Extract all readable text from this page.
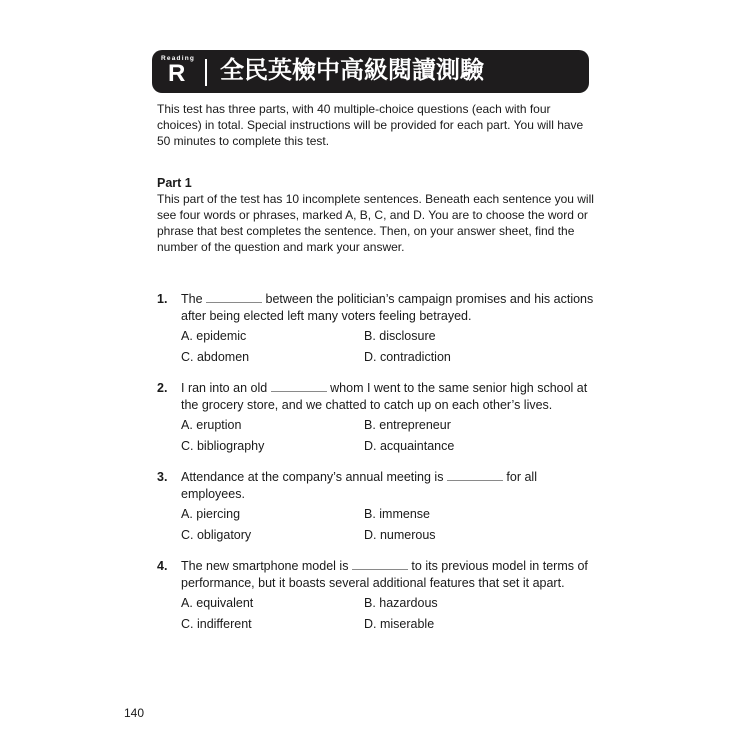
Reading
R 全民英檢中高級閱讀測驗

This test has three parts, with 40 multiple-choice questions (each with four choices) in total. Special instructions will be provided for each part. You will have 50 minutes to complete this test.

Part 1

This part of the test has 10 incomplete sentences. Beneath each sentence you will see four words or phrases, marked A, B, C, and D. You are to choose the word or phrase that best completes the sentence. Then, on your answer sheet, find the number of the question and mark your answer.

1. The	between the politician’s campaign promises and his actions after being elected left many voters feeling betrayed.
A. epidemic	B. disclosure
C. abdomen	D. contradiction
2. I ran into an old	whom I went to the same senior high school at the grocery store, and we chatted to catch up on each other’s lives.
A. eruption	B. entrepreneur
C. bibliography	D. acquaintance
3. Attendance at the company’s annual meeting is	for all employees.
A. piercing	B. immense
C. obligatory	D. numerous
4. The new smartphone model is	to its previous model in terms of performance, but it boasts several additional features that set it apart.
A. equivalent	B. hazardous
C. indifferent	D. miserable
140
